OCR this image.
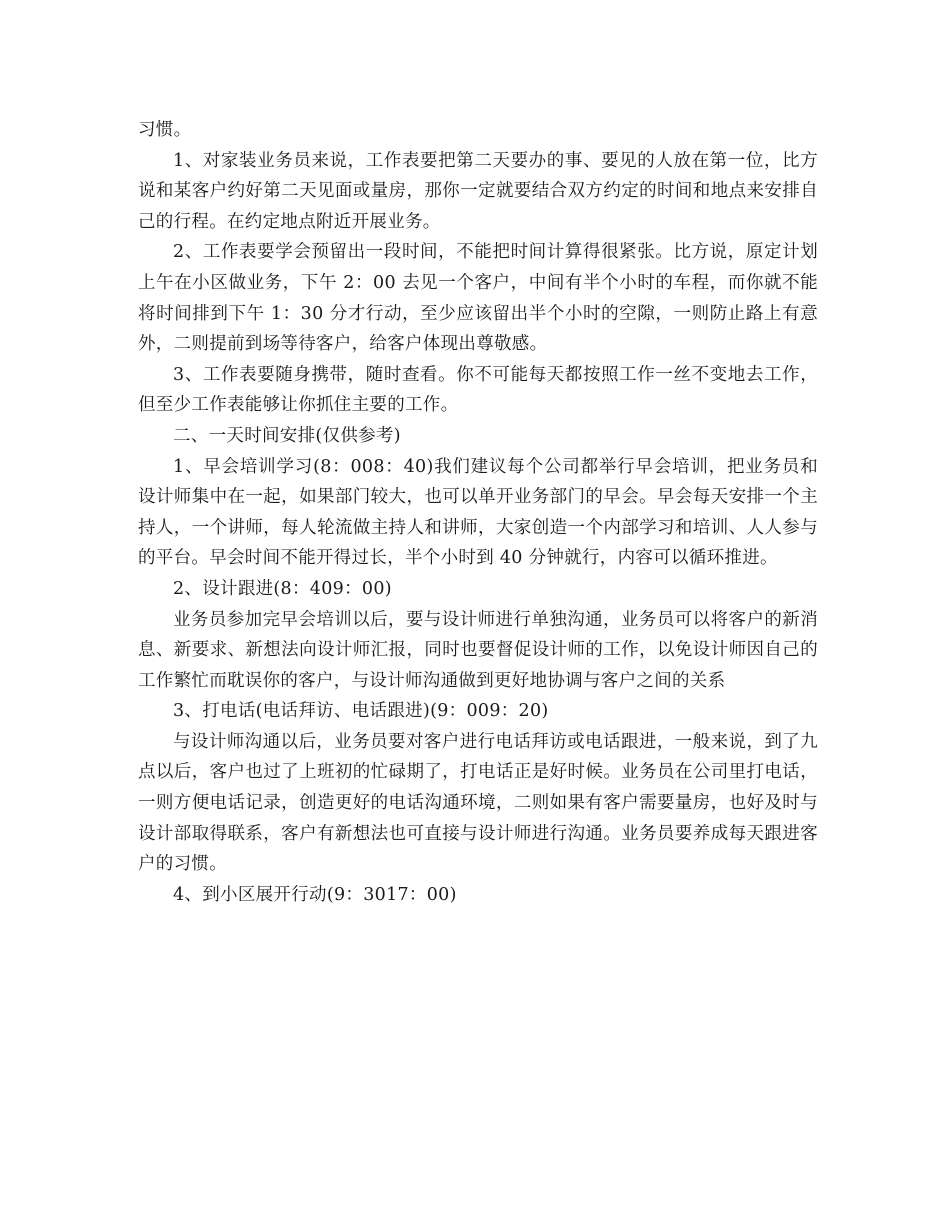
习惯。

1、对家装业务员来说，工作表要把第二天要办的事、要见的人放在第一位，比方说和某客户约好第二天见面或量房，那你一定就要结合双方约定的时间和地点来安排自己的行程。在约定地点附近开展业务。

2、工作表要学会预留出一段时间，不能把时间计算得很紧张。比方说，原定计划上午在小区做业务，下午 2：00 去见一个客户，中间有半个小时的车程，而你就不能将时间排到下午 1：30 分才行动，至少应该留出半个小时的空隙，一则防止路上有意外，二则提前到场等待客户，给客户体现出尊敬感。

3、工作表要随身携带，随时查看。你不可能每天都按照工作一丝不变地去工作，但至少工作表能够让你抓住主要的工作。

二、一天时间安排(仅供参考)

1、早会培训学习(8：008：40)我们建议每个公司都举行早会培训，把业务员和设计师集中在一起，如果部门较大，也可以单开业务部门的早会。早会每天安排一个主持人，一个讲师，每人轮流做主持人和讲师，大家创造一个内部学习和培训、人人参与的平台。早会时间不能开得过长，半个小时到 40 分钟就行，内容可以循环推进。

2、设计跟进(8：409：00)

业务员参加完早会培训以后，要与设计师进行单独沟通，业务员可以将客户的新消息、新要求、新想法向设计师汇报，同时也要督促设计师的工作，以免设计师因自己的工作繁忙而耽误你的客户，与设计师沟通做到更好地协调与客户之间的关系

3、打电话(电话拜访、电话跟进)(9：009：20)

与设计师沟通以后，业务员要对客户进行电话拜访或电话跟进，一般来说，到了九点以后，客户也过了上班初的忙碌期了，打电话正是好时候。业务员在公司里打电话，一则方便电话记录，创造更好的电话沟通环境，二则如果有客户需要量房，也好及时与设计部取得联系，客户有新想法也可直接与设计师进行沟通。业务员要养成每天跟进客户的习惯。

4、到小区展开行动(9：3017：00)
